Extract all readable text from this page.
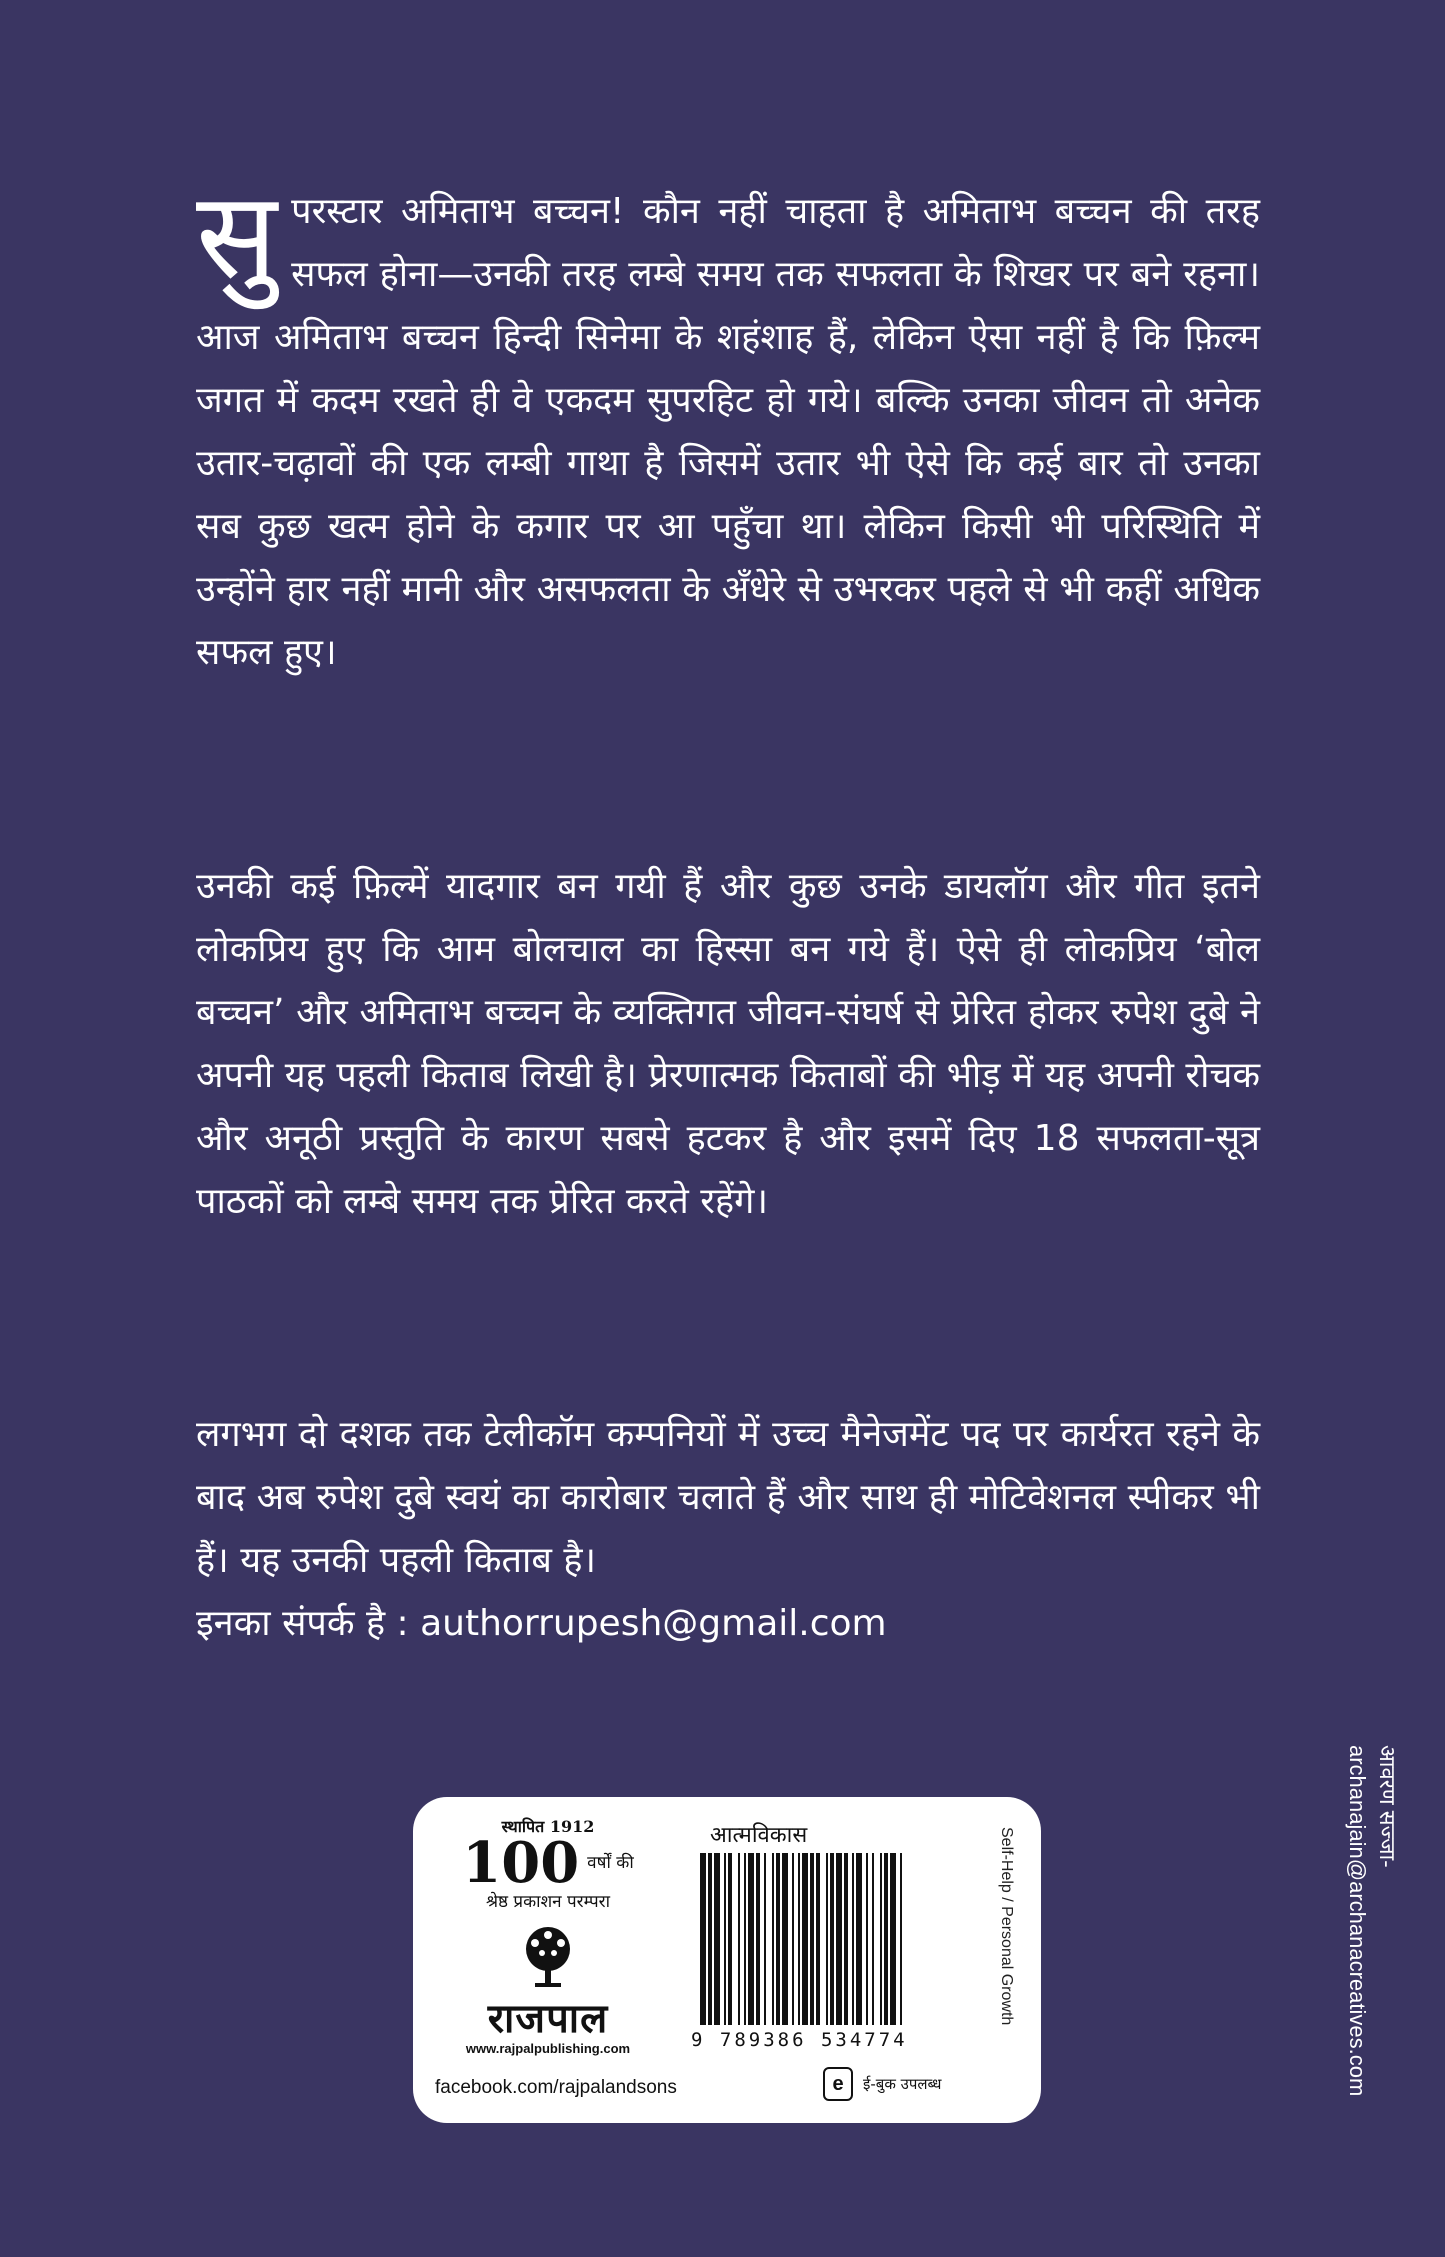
सुपरस्टार अमिताभ बच्चन! कौन नहीं चाहता है अमिताभ बच्चन की तरह सफल होना—उनकी तरह लम्बे समय तक सफलता के शिखर पर बने रहना। आज अमिताभ बच्चन हिन्दी सिनेमा के शहंशाह हैं, लेकिन ऐसा नहीं है कि फ़िल्म जगत में कदम रखते ही वे एकदम सुपरहिट हो गये। बल्कि उनका जीवन तो अनेक उतार-चढ़ावों की एक लम्बी गाथा है जिसमें उतार भी ऐसे कि कई बार तो उनका सब कुछ खत्म होने के कगार पर आ पहुँचा था। लेकिन किसी भी परिस्थिति में उन्होंने हार नहीं मानी और असफलता के अँधेरे से उभरकर पहले से भी कहीं अधिक सफल हुए।
उनकी कई फ़िल्में यादगार बन गयी हैं और कुछ उनके डायलॉग और गीत इतने लोकप्रिय हुए कि आम बोलचाल का हिस्सा बन गये हैं। ऐसे ही लोकप्रिय ‘बोल बच्चन’ और अमिताभ बच्चन के व्यक्तिगत जीवन-संघर्ष से प्रेरित होकर रुपेश दुबे ने अपनी यह पहली किताब लिखी है। प्रेरणात्मक किताबों की भीड़ में यह अपनी रोचक और अनूठी प्रस्तुति के कारण सबसे हटकर है और इसमें दिए 18 सफलता-सूत्र पाठकों को लम्बे समय तक प्रेरित करते रहेंगे।
लगभग दो दशक तक टेलीकॉम कम्पनियों में उच्च मैनेजमेंट पद पर कार्यरत रहने के बाद अब रुपेश दुबे स्वयं का कारोबार चलाते हैं और साथ ही मोटिवेशनल स्पीकर भी हैं। यह उनकी पहली किताब है।
इनका संपर्क है : authorrupesh@gmail.com
आवरण सज्जा-
archanajain@archanacreatives.com
स्थापित 1912
100 वर्षों की
श्रेष्ठ प्रकाशन परम्परा
राजपाल
www.rajpalpublishing.com
facebook.com/rajpalandsons
आत्मविकास
9 789386 534774
e	ई-बुक उपलब्ध
Self-Help / Personal Growth
